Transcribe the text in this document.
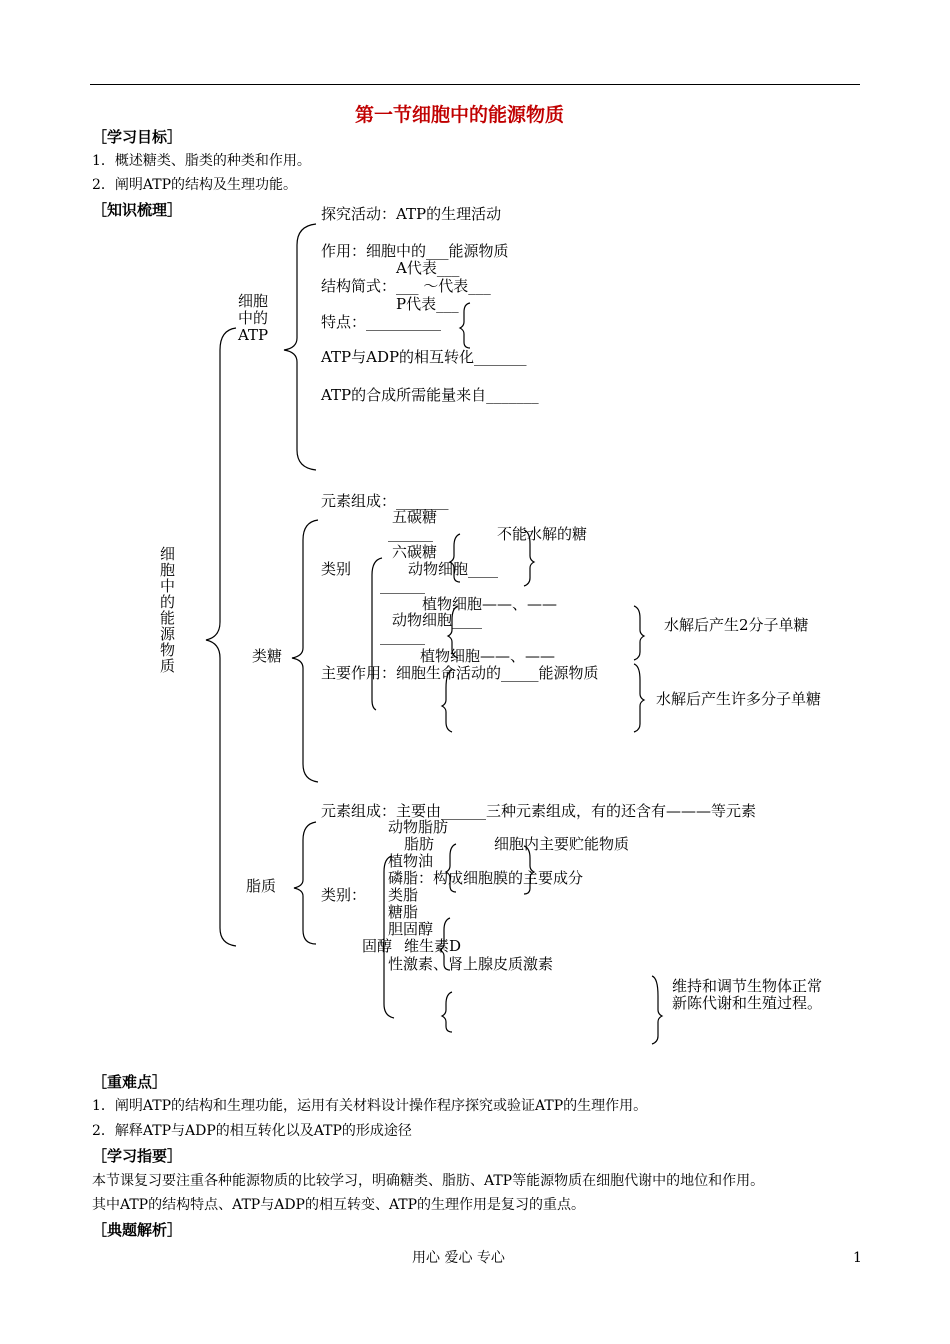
第一节细胞中的能源物质
［学习目标］
1．概述糖类、脂类的种类和作用。
2．阐明ATP的结构及生理功能。
［知识梳理］
细胞中的能源物质
细胞
中的
ATP
探究活动：ATP的生理活动
作用：细胞中的___能源物质
A代表___
结构简式：___ ～代表___
P代表___
特点：__________
ATP与ADP的相互转化_______
ATP的合成所需能量来自_______
类糖
元素组成：_______
五碳糖
______	不能水解的糖
六碳糖
类别	动物细胞____
______
植物细胞——、——
动物细胞____	水解后产生2分子单糖
______
植物细胞——、——
主要作用：细胞生命活动的_____能源物质
水解后产生许多分子单糖
脂质
元素组成：主要由______三种元素组成，有的还含有———等元素
动物脂肪
脂肪	细胞内主要贮能物质
植物油
磷脂：构成细胞膜的主要成分
类别： 类脂
糖脂
胆固醇
固醇 维生素D
性激素、肾上腺皮质激素
维持和调节生物体正常
新陈代谢和生殖过程。
［重难点］
1．阐明ATP的结构和生理功能，运用有关材料设计操作程序探究或验证ATP的生理作用。
2．解释ATP与ADP的相互转化以及ATP的形成途径
［学习指要］
本节课复习要注重各种能源物质的比较学习，明确糖类、脂肪、ATP等能源物质在细胞代谢中的地位和作用。
其中ATP的结构特点、ATP与ADP的相互转变、ATP的生理作用是复习的重点。
［典题解析］
用心 爱心 专心	1
